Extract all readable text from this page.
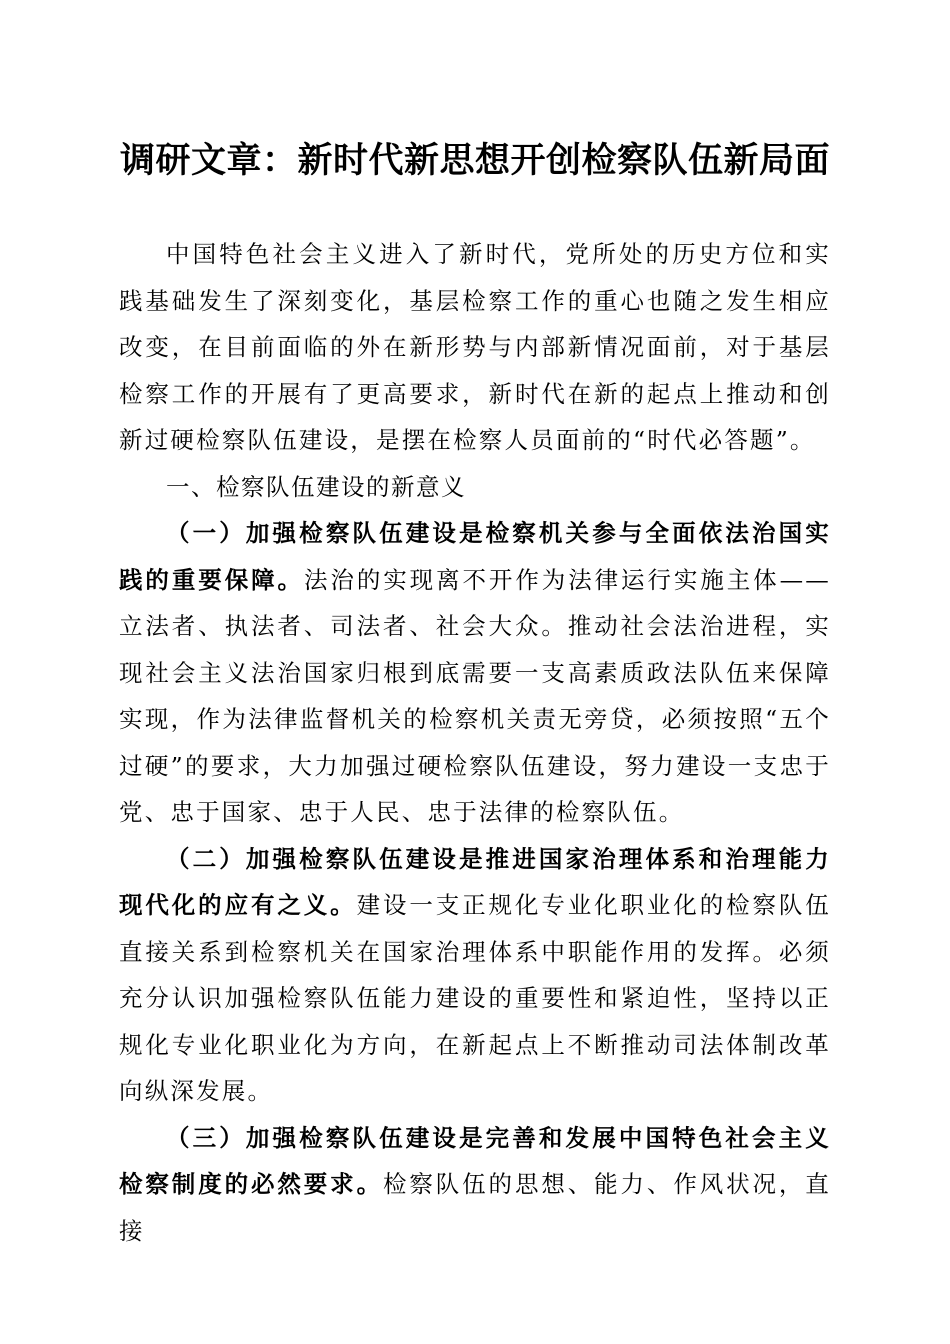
调研文章：新时代新思想开创检察队伍新局面

中国特色社会主义进入了新时代，党所处的历史方位和实践基础发生了深刻变化，基层检察工作的重心也随之发生相应改变，在目前面临的外在新形势与内部新情况面前，对于基层检察工作的开展有了更高要求，新时代在新的起点上推动和创新过硬检察队伍建设，是摆在检察人员面前的“时代必答题”。

一、检察队伍建设的新意义

（一）加强检察队伍建设是检察机关参与全面依法治国实践的重要保障。法治的实现离不开作为法律运行实施主体——立法者、执法者、司法者、社会大众。推动社会法治进程，实现社会主义法治国家归根到底需要一支高素质政法队伍来保障实现，作为法律监督机关的检察机关责无旁贷，必须按照“五个过硬”的要求，大力加强过硬检察队伍建设，努力建设一支忠于党、忠于国家、忠于人民、忠于法律的检察队伍。

（二）加强检察队伍建设是推进国家治理体系和治理能力现代化的应有之义。建设一支正规化专业化职业化的检察队伍直接关系到检察机关在国家治理体系中职能作用的发挥。必须充分认识加强检察队伍能力建设的重要性和紧迫性，坚持以正规化专业化职业化为方向，在新起点上不断推动司法体制改革向纵深发展。

（三）加强检察队伍建设是完善和发展中国特色社会主义检察制度的必然要求。检察队伍的思想、能力、作风状况，直接
